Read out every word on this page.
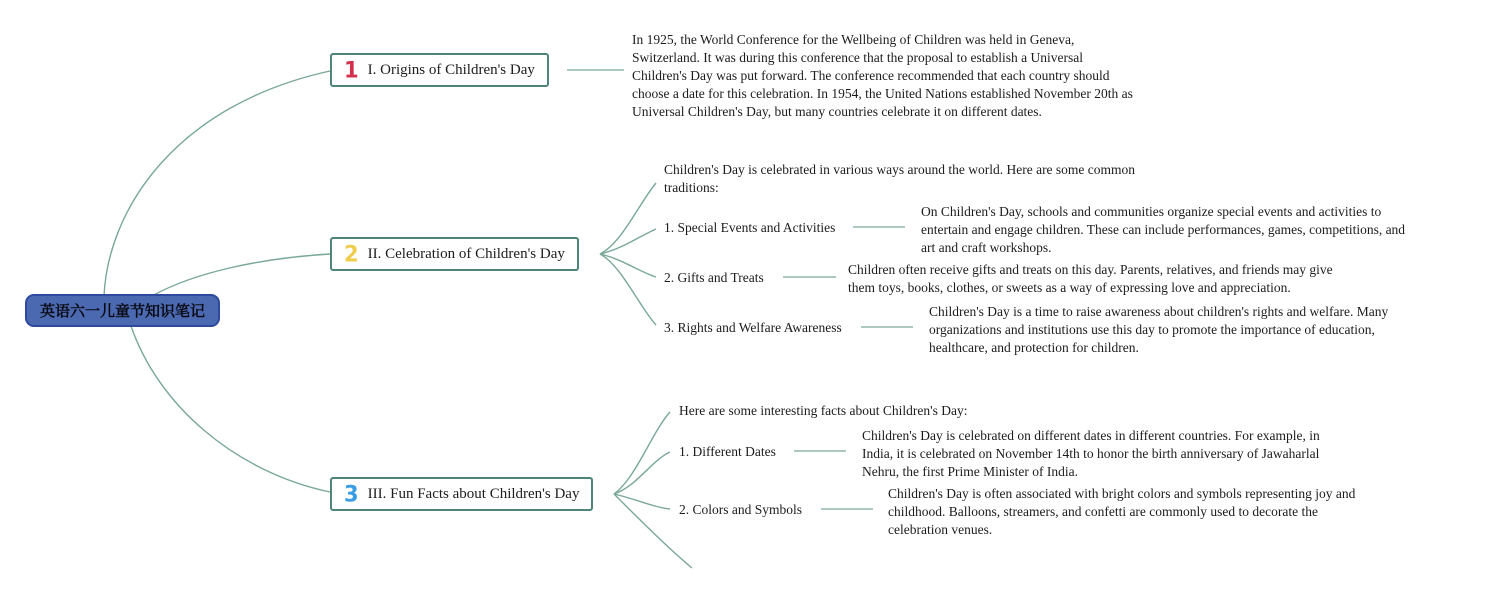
英语六一儿童节知识笔记
1 I. Origins of Children's Day
In 1925, the World Conference for the Wellbeing of Children was held in Geneva, Switzerland. It was during this conference that the proposal to establish a Universal Children's Day was put forward. The conference recommended that each country should choose a date for this celebration. In 1954, the United Nations established November 20th as Universal Children's Day, but many countries celebrate it on different dates.
2 II. Celebration of Children's Day
Children's Day is celebrated in various ways around the world. Here are some common traditions:
1. Special Events and Activities
On Children's Day, schools and communities organize special events and activities to entertain and engage children. These can include performances, games, competitions, and art and craft workshops.
2. Gifts and Treats
Children often receive gifts and treats on this day. Parents, relatives, and friends may give them toys, books, clothes, or sweets as a way of expressing love and appreciation.
3. Rights and Welfare Awareness
Children's Day is a time to raise awareness about children's rights and welfare. Many organizations and institutions use this day to promote the importance of education, healthcare, and protection for children.
3 III. Fun Facts about Children's Day
Here are some interesting facts about Children's Day:
1. Different Dates
Children's Day is celebrated on different dates in different countries. For example, in India, it is celebrated on November 14th to honor the birth anniversary of Jawaharlal Nehru, the first Prime Minister of India.
2. Colors and Symbols
Children's Day is often associated with bright colors and symbols representing joy and childhood. Balloons, streamers, and confetti are commonly used to decorate the celebration venues.
